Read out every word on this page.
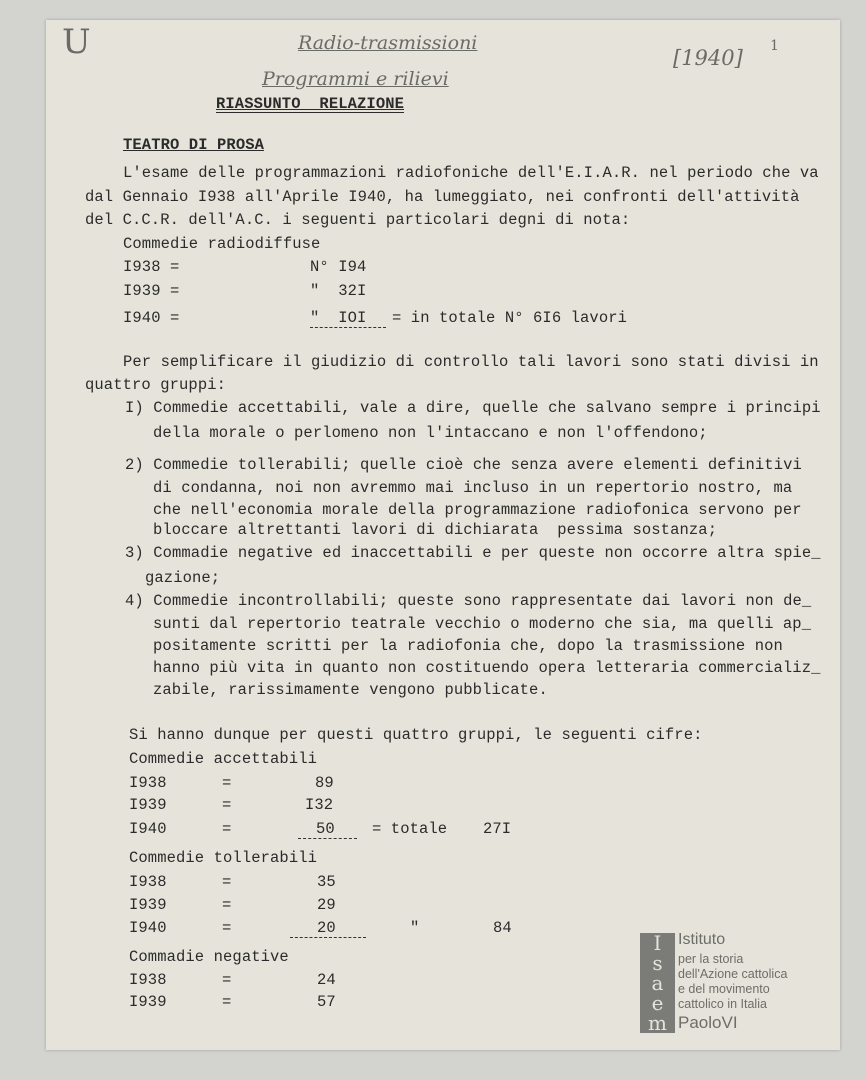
U	Radio-trasmissioni
Programmi e rilievi
[1940] 1
RIASSUNTO  RELAZIONE
TEATRO DI PROSA
L'esame delle programmazioni radiofoniche dell'E.I.A.R. nel periodo che va
dal Gennaio I938 all'Aprile I940, ha lumeggiato, nei confronti dell'attività
del C.C.R. dell'A.C. i seguenti particolari degni di nota:
Commedie radiodiffuse
I938 =	N° I94
I939 =	"  32I
I940 =	"  IOI	= in totale N° 6I6 lavori
Per semplificare il giudizio di controllo tali lavori sono stati divisi in
quattro gruppi:
I) Commedie accettabili, vale a dire, quelle che salvano sempre i principi
della morale o perlomeno non l'intaccano e non l'offendono;
2) Commedie tollerabili; quelle cioè che senza avere elementi definitivi
di condanna, noi non avremmo mai incluso in un repertorio nostro, ma
che nell'economia morale della programmazione radiofonica servono per
bloccare altrettanti lavori di dichiarata  pessima sostanza;
3) Commadie negative ed inaccettabili e per queste non occorre altra spie_
gazione;
4) Commedie incontrollabili; queste sono rappresentate dai lavori non de_
sunti dal repertorio teatrale vecchio o moderno che sia, ma quelli ap_
positamente scritti per la radiofonia che, dopo la trasmissione non
hanno più vita in quanto non costituendo opera letteraria commercializ_
zabile, rarissimamente vengono pubblicate.
Si hanno dunque per questi quattro gruppi, le seguenti cifre:
Commedie accettabili
I938	=	89
I939	=	I32
I940	=	50	= totale 27I
Commedie tollerabili
I938	=	35
I939	=	29
I940	=	20	"	84
Commadie negative
I938	=	24
I939	=	57
I
s
a
e
m
Istituto
per la storia
dell'Azione cattolica
e del movimento
cattolico in Italia
PaoloVI
